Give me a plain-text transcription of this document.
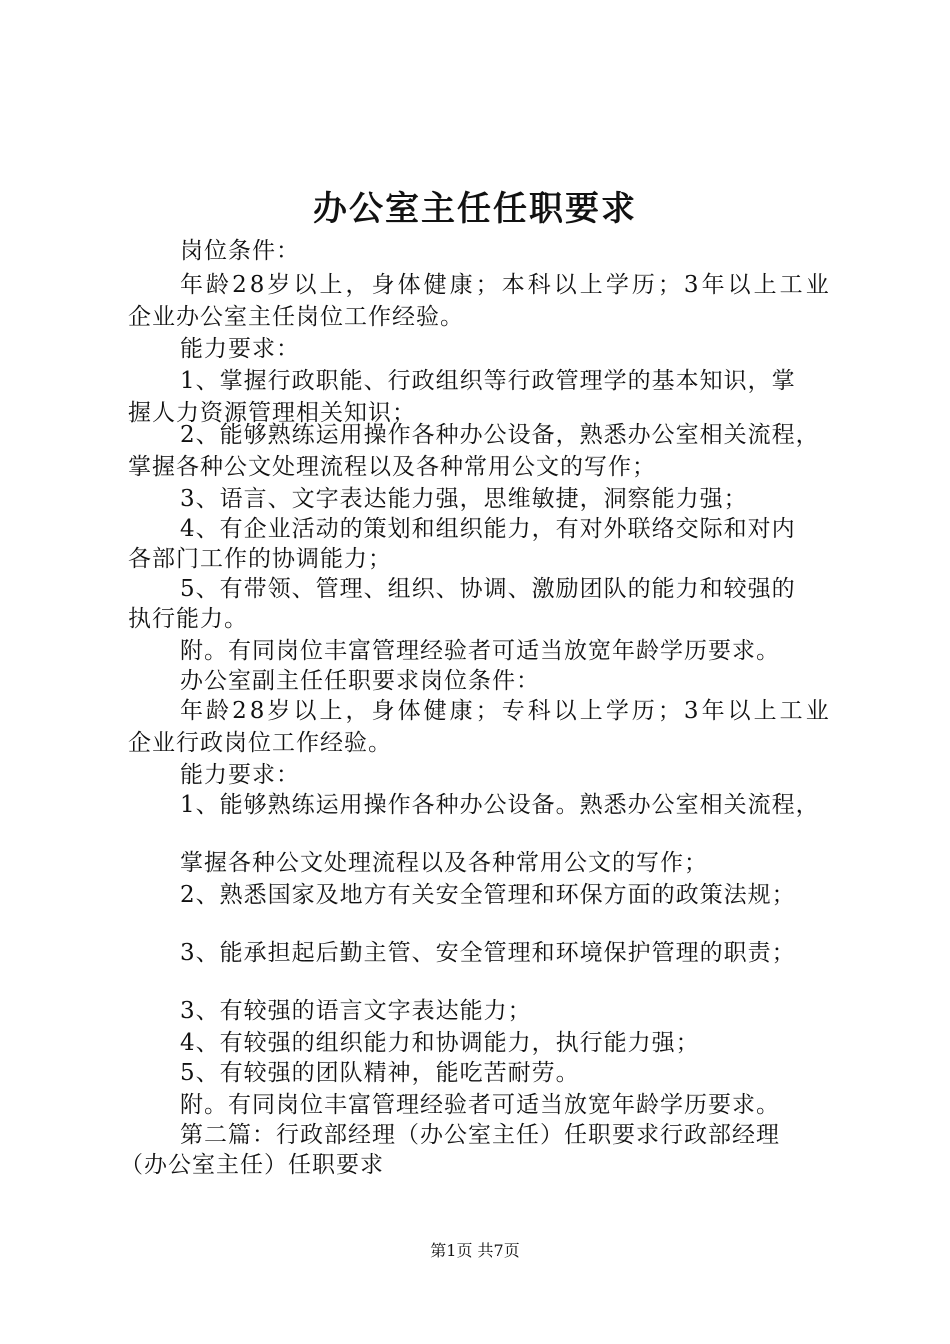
办公室主任任职要求
岗位条件：
年 龄 2 8 岁 以 上 ， 身 体 健 康 ； 本 科 以 上 学 历 ； 3 年 以 上 工 业
企业办公室主任岗位工作经验。
能力要求：
1、掌握行政职能、行政组织等行政管理学的基本知识，掌
握人力资源管理相关知识；
2、能够熟练运用操作各种办公设备，熟悉办公室相关流程，
掌握各种公文处理流程以及各种常用公文的写作；
3、语言、文字表达能力强，思维敏捷，洞察能力强；
4、有企业活动的策划和组织能力，有对外联络交际和对内
各部门工作的协调能力；
5、有带领、管理、组织、协调、激励团队的能力和较强的
执行能力。
附。有同岗位丰富管理经验者可适当放宽年龄学历要求。
办公室副主任任职要求岗位条件：
年 龄 2 8 岁 以 上 ， 身 体 健 康 ； 专 科 以 上 学 历 ； 3 年 以 上 工 业
企业行政岗位工作经验。
能力要求：
1、能够熟练运用操作各种办公设备。熟悉办公室相关流程，
掌握各种公文处理流程以及各种常用公文的写作；
2、熟悉国家及地方有关安全管理和环保方面的政策法规；
3、能承担起后勤主管、安全管理和环境保护管理的职责；
3、有较强的语言文字表达能力；
4、有较强的组织能力和协调能力，执行能力强；
5、有较强的团队精神，能吃苦耐劳。
附。有同岗位丰富管理经验者可适当放宽年龄学历要求。
第二篇：行政部经理（办公室主任）任职要求行政部经理
（办公室主任）任职要求
第1页 共7页
